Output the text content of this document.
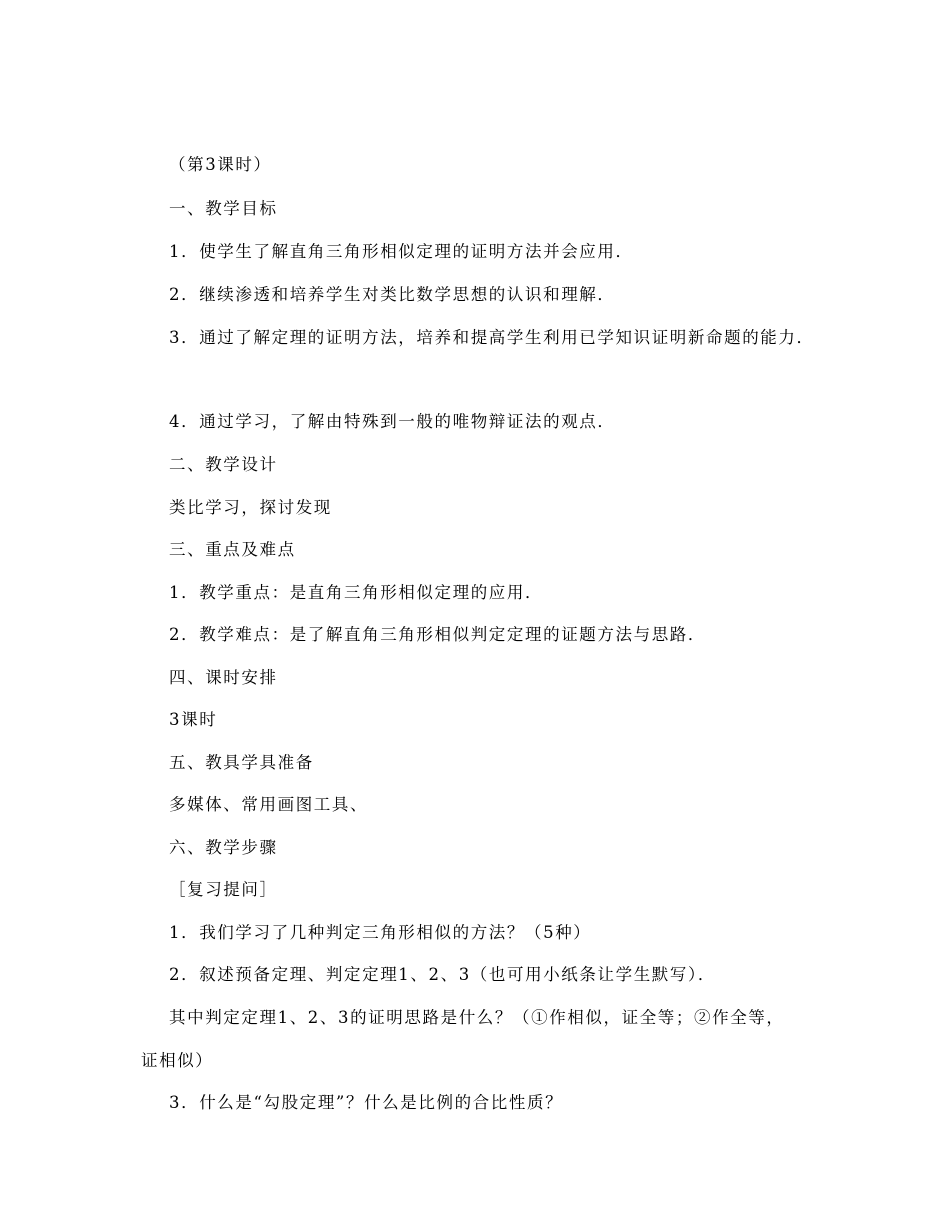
（第3课时）
一、教学目标
1．使学生了解直角三角形相似定理的证明方法并会应用．
2．继续渗透和培养学生对类比数学思想的认识和理解．
3．通过了解定理的证明方法，培养和提高学生利用已学知识证明新命题的能力．
4．通过学习，了解由特殊到一般的唯物辩证法的观点．
二、教学设计
类比学习，探讨发现
三、重点及难点
1．教学重点：是直角三角形相似定理的应用．
2．教学难点：是了解直角三角形相似判定定理的证题方法与思路．
四、课时安排
3课时
五、教具学具准备
多媒体、常用画图工具、
六、教学步骤
［复习提问］
1．我们学习了几种判定三角形相似的方法？（5种）
2．叙述预备定理、判定定理1、2、3（也可用小纸条让学生默写）．
其中判定定理1、2、3的证明思路是什么？（①作相似，证全等；②作全等，
证相似）
3．什么是“勾股定理”？什么是比例的合比性质？
